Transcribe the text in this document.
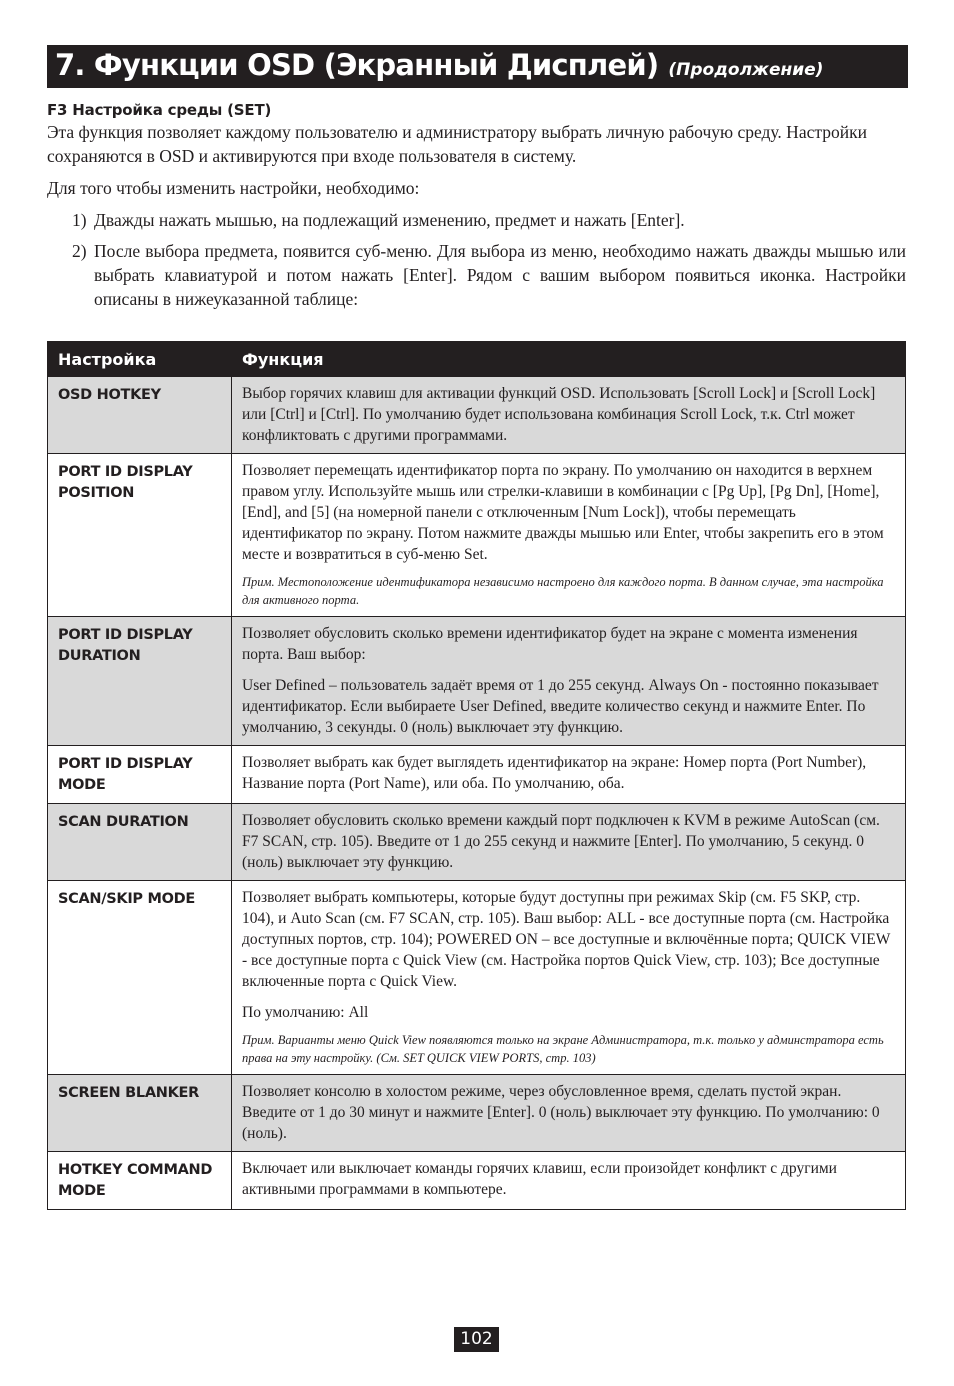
7. Функции OSD (Экранный Дисплей) (Продолжение)
F3 Настройка среды (SET)
Эта функция позволяет каждому пользователю и администратору выбрать личную рабочую среду. Настройки сохраняются в OSD и активируются при входе пользователя в систему.
Для того чтобы изменить настройки, необходимо:
1) Дважды нажать мышью, на подлежащий изменению, предмет и нажать [Enter].
2) После выбора предмета, появится суб-меню. Для выбора из меню, необходимо нажать дважды мышью или выбрать клавиатурой и потом нажать [Enter]. Рядом с вашим выбором появиться иконка. Настройки описаны в нижеуказанной таблице:
Настройка	Функция
OSD HOTKEY	Выбор горячих клавиш для активации функций OSD. Использовать [Scroll Lock] и [Scroll Lock] или [Ctrl] и [Ctrl]. По умолчанию будет использована комбинация Scroll Lock, т.к. Ctrl может конфликтовать с другими программами.

PORT ID DISPLAY POSITION	Позволяет перемещать идентификатор порта по экрану. По умолчанию он находится в верхнем правом углу. Используйте мышь или стрелки-клавиши в комбинации с [Pg Up], [Pg Dn], [Home], [End], and [5] (на номерной панели с отключенным [Num Lock]), чтобы перемещать идентификатор по экрану. Потом нажмите дважды мышью или Enter, чтобы закрепить его в этом месте и возвратиться в суб-меню Set.

Прим. Местоположение идентификатора независимо настроено для каждого порта. В данном случае, эта настройка для активного порта.

PORT ID DISPLAY DURATION	Позволяет обусловить сколько времени идентификатор будет на экране с момента изменения порта. Ваш выбор:

User Defined – пользователь задаёт время от 1 до 255 секунд. Always On - постоянно показывает идентификатор. Если выбираете User Defined, введите количество секунд и нажмите Enter. По умолчанию, 3 секунды. 0 (ноль) выключает эту функцию.

PORT ID DISPLAY MODE	Позволяет выбрать как будет выглядеть идентификатор на экране: Номер порта (Port Number), Название порта (Port Name), или оба. По умолчанию, оба.

SCAN DURATION	Позволяет обусловить сколько времени каждый порт подключен к KVM в режиме AutoScan (см. F7 SCAN, стр. 105). Введите от 1 до 255 секунд и нажмите [Enter]. По умолчанию, 5 секунд. 0 (ноль) выключает эту функцию.

SCAN/SKIP MODE	Позволяет выбрать компьютеры, которые будут доступны при режимах Skip (см. F5 SKP, стр. 104), и Auto Scan (см. F7 SCAN, стр. 105). Ваш выбор: ALL - все доступные порта (см. Настройка доступных портов, стр. 104); POWERED ON – все доступные и включённые порта; QUICK VIEW - все доступные порта с Quick View (см. Настройка портов Quick View, стр. 103); Все доступные включенные порта с Quick View.

По умолчанию: All

Прим. Варианты меню Quick View появляются только на экране Администратора, т.к. только у админстратора есть права на эту настройку. (См. SET QUICK VIEW PORTS, стр. 103)

SCREEN BLANKER	Позволяет консолю в холостом режиме, через обусловленное время, сделать пустой экран. Введите от 1 до 30 минут и нажмите [Enter]. 0 (ноль) выключает эту функцию. По умолчанию: 0 (ноль).

HOTKEY COMMAND MODE	Включает или выключает команды горячих клавиш, если произойдет конфликт с другими активными программами в компьютере.

102
